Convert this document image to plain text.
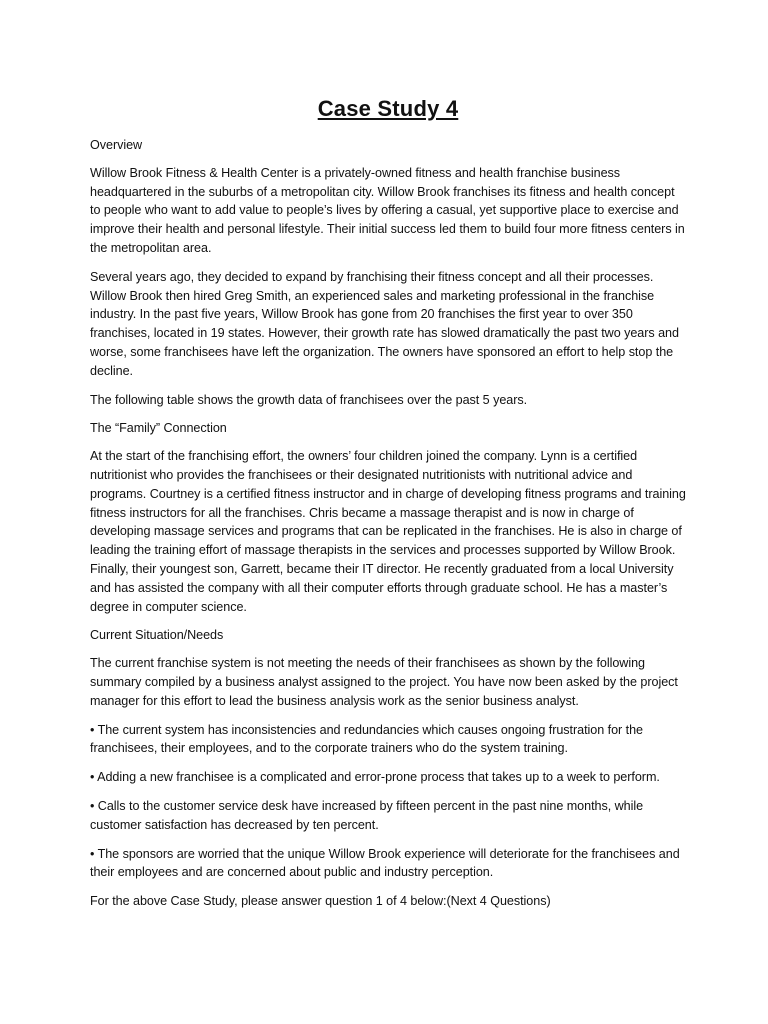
Case Study 4

Overview

Willow Brook Fitness & Health Center is a privately-owned fitness and health franchise business headquartered in the suburbs of a metropolitan city. Willow Brook franchises its fitness and health concept to people who want to add value to people’s lives by offering a casual, yet supportive place to exercise and improve their health and personal lifestyle. Their initial success led them to build four more fitness centers in the metropolitan area.

Several years ago, they decided to expand by franchising their fitness concept and all their processes. Willow Brook then hired Greg Smith, an experienced sales and marketing professional in the franchise industry. In the past five years, Willow Brook has gone from 20 franchises the first year to over 350 franchises, located in 19 states. However, their growth rate has slowed dramatically the past two years and worse, some franchisees have left the organization. The owners have sponsored an effort to help stop the decline.

The following table shows the growth data of franchisees over the past 5 years.

The “Family” Connection

At the start of the franchising effort, the owners’ four children joined the company. Lynn is a certified nutritionist who provides the franchisees or their designated nutritionists with nutritional advice and programs. Courtney is a certified fitness instructor and in charge of developing fitness programs and training fitness instructors for all the franchises. Chris became a massage therapist and is now in charge of developing massage services and programs that can be replicated in the franchises. He is also in charge of leading the training effort of massage therapists in the services and processes supported by Willow Brook. Finally, their youngest son, Garrett, became their IT director. He recently graduated from a local University and has assisted the company with all their computer efforts through graduate school. He has a master’s degree in computer science.

Current Situation/Needs

The current franchise system is not meeting the needs of their franchisees as shown by the following summary compiled by a business analyst assigned to the project. You have now been asked by the project manager for this effort to lead the business analysis work as the senior business analyst.

• The current system has inconsistencies and redundancies which causes ongoing frustration for the franchisees, their employees, and to the corporate trainers who do the system training.

• Adding a new franchisee is a complicated and error-prone process that takes up to a week to perform.

• Calls to the customer service desk have increased by fifteen percent in the past nine months, while customer satisfaction has decreased by ten percent.

• The sponsors are worried that the unique Willow Brook experience will deteriorate for the franchisees and their employees and are concerned about public and industry perception.

For the above Case Study, please answer question 1 of 4 below:(Next 4 Questions)
